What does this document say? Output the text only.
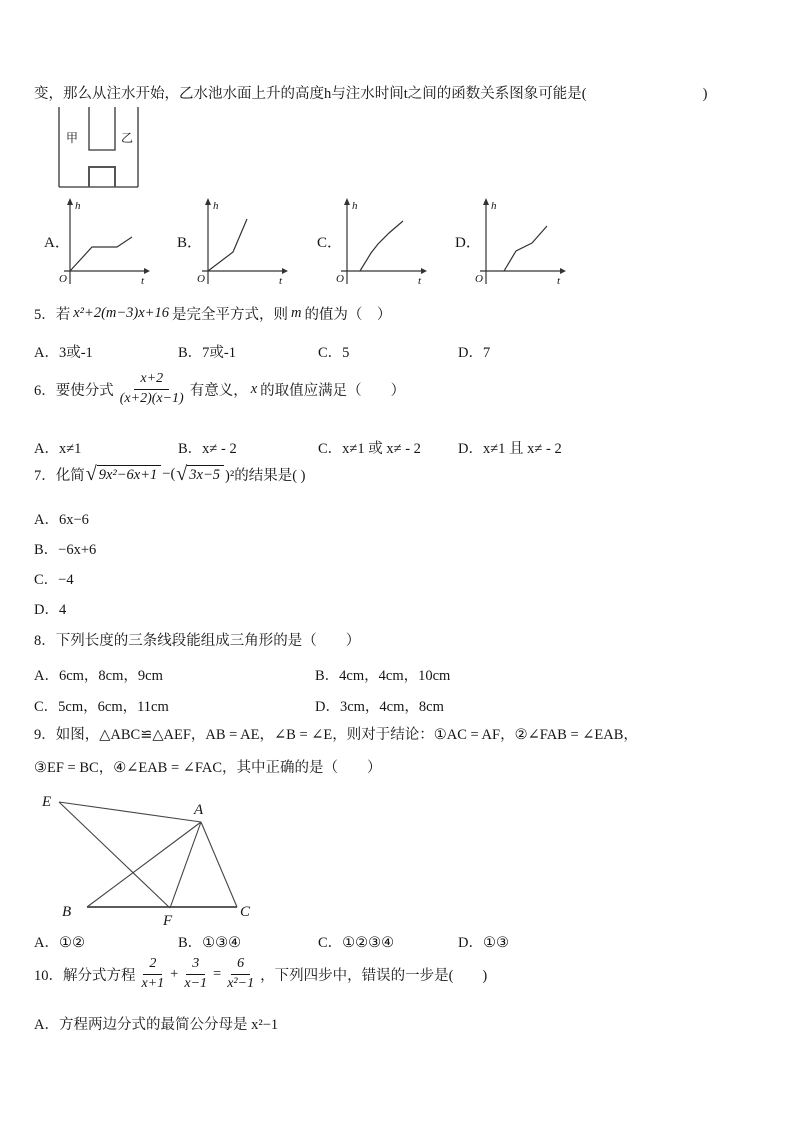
变，那么从注水开始，乙水池水面上升的高度h与注水时间t之间的函数关系图象可能是(　　　　　　　　)
甲	乙
A．	B．	C．	D．
h
t
O
h
t
O
h
t
O
h
t
O
5．若 x²+2(m−3)x+16 是完全平方式，则 m 的值为（　）
A．3或-1	B．7或-1	C．5	D．7
6．要使分式 $\frac{x+2}{(x+2)(x-1)}$ 有意义， x 的取值应满足（　　）
A．x≠1	B．x≠ - 2	C．x≠1 或 x≠ - 2	D．x≠1 且 x≠ - 2
7．化简 √ 9x²−6x+1 −( √ 3x−5 )²的结果是( )
A．6x−6
B．−6x+6
C．−4
D．4
8．下列长度的三条线段能组成三角形的是（　　）
A．6cm，8cm，9cm	B．4cm，4cm，10cm
C．5cm，6cm，11cm	D．3cm，4cm，8cm
9．如图，△ABC≌△AEF，AB = AE，∠B = ∠E，则对于结论：①AC = AF，②∠FAB = ∠EAB，
③EF = BC，④∠EAB = ∠FAC，其中正确的是（　　）
E	A
B
F
C
A．①②	B．①③④	C．①②③④	D．①③
10．解分式方程 $\frac{2}{x+1} + \frac{3}{x-1} = \frac{6}{\text{x²−1}}$ ，下列四步中，错误的一步是(　　)
A．方程两边分式的最简公分母是 x²−1
